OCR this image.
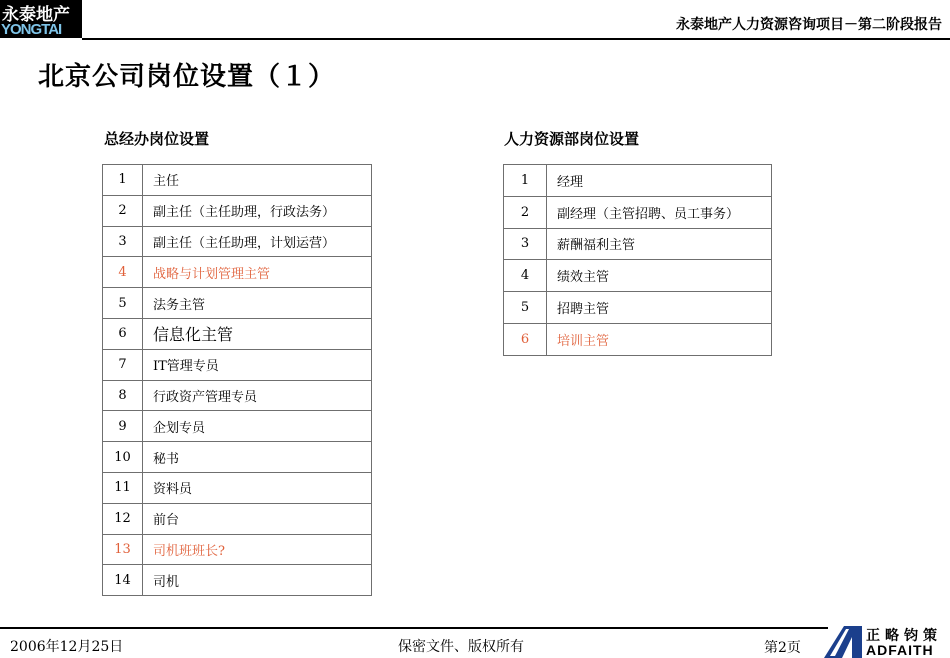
永泰地产
YONGTAI	永泰地产人力资源咨询项目－第二阶段报告
北京公司岗位设置（１）
总经办岗位设置	人力资源部岗位设置
1	主任
2	副主任（主任助理，行政法务）
3	副主任（主任助理，计划运营）
4	战略与计划管理主管
5	法务主管
6	信息化主管
7	IT管理专员
8	行政资产管理专员
9	企划专员
10	秘书
11	资料员
12	前台
13	司机班班长?
14	司机
1	经理
2	副经理（主管招聘、员工事务）
3	薪酬福利主管
4	绩效主管
5	招聘主管
6	培训主管
2006年12月25日	保密文件、版权所有	第2页
正略钧策
ADFAITH
